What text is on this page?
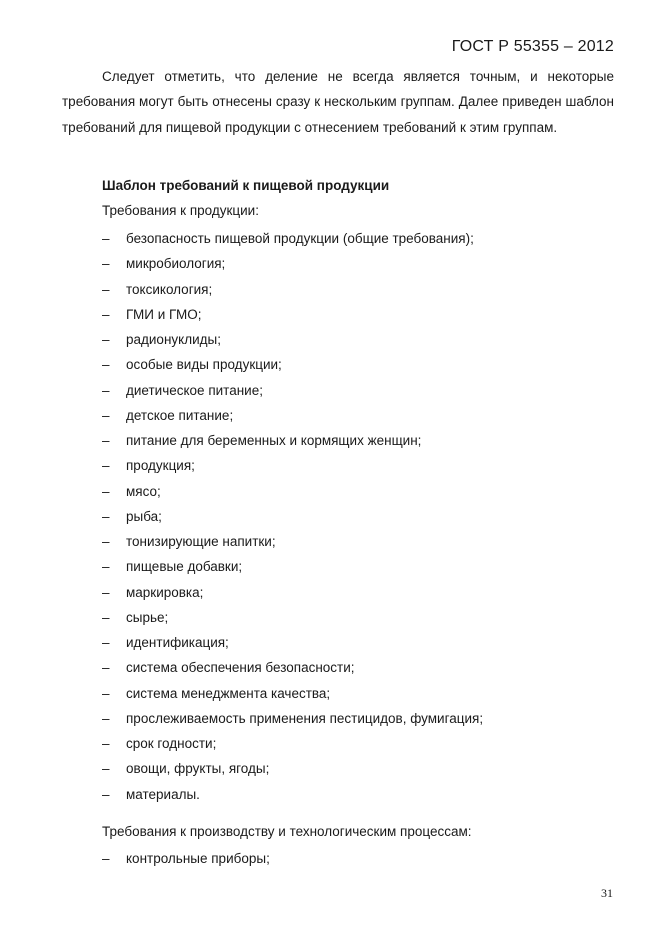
ГОСТ Р 55355 – 2012

Следует отметить, что деление не всегда является точным, и некоторые требования могут быть отнесены сразу к нескольким группам. Далее приведен шаблон требований для пищевой продукции с отнесением требований к этим группам.

Шаблон требований к пищевой продукции

Требования к продукции:

– безопасность пищевой продукции (общие требования);
– микробиология;
– токсикология;
– ГМИ и ГМО;
– радионуклиды;
– особые виды продукции;
– диетическое питание;
– детское питание;
– питание для беременных и кормящих женщин;
– продукция;
– мясо;
– рыба;
– тонизирующие напитки;
– пищевые добавки;
– маркировка;
– сырье;
– идентификация;
– система обеспечения безопасности;
– система менеджмента качества;
– прослеживаемость применения пестицидов, фумигация;
– срок годности;
– овощи, фрукты, ягоды;
– материалы.

Требования к производству и технологическим процессам:

– контрольные приборы;
31
